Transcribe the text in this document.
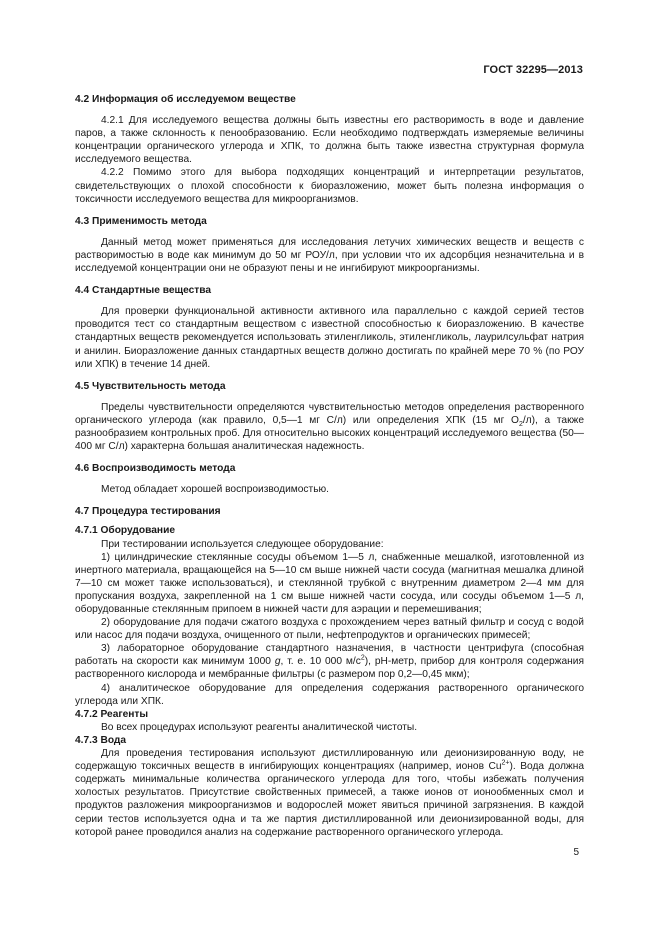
ГОСТ 32295—2013

4.2 Информация об исследуемом веществе

4.2.1 Для исследуемого вещества должны быть известны его растворимость в воде и давление паров, а также склонность к пенообразованию. Если необходимо подтверждать измеряемые величины концентрации органического углерода и ХПК, то должна быть также известна структурная формула исследуемого вещества.

4.2.2 Помимо этого для выбора подходящих концентраций и интерпретации результатов, свидетельствующих о плохой способности к биоразложению, может быть полезна информация о токсичности исследуемого вещества для микроорганизмов.

4.3 Применимость метода

Данный метод может применяться для исследования летучих химических веществ и веществ с растворимостью в воде как минимум до 50 мг РОУ/л, при условии что их адсорбция незначительна и в исследуемой концентрации они не образуют пены и не ингибируют микроорганизмы.

4.4 Стандартные вещества

Для проверки функциональной активности активного ила параллельно с каждой серией тестов проводится тест со стандартным веществом с известной способностью к биоразложению. В качестве стандартных веществ рекомендуется использовать этиленгликоль, этиленгликоль, лаурилсульфат натрия и анилин. Биоразложение данных стандартных веществ должно достигать по крайней мере 70 % (по РОУ или ХПК) в течение 14 дней.

4.5 Чувствительность метода

Пределы чувствительности определяются чувствительностью методов определения растворенного органического углерода (как правило, 0,5—1 мг С/л) или определения ХПК (15 мг $О_2/л$), а также разнообразием контрольных проб. Для относительно высоких концентраций исследуемого вещества (50—400 мг С/л) характерна большая аналитическая надежность.

4.6 Воспроизводимость метода

Метод обладает хорошей воспроизводимостью.

4.7 Процедура тестирования

4.7.1 Оборудование

При тестировании используется следующее оборудование:

1) цилиндрические стеклянные сосуды объемом 1—5 л, снабженные мешалкой, изготовленной из инертного материала, вращающейся на 5—10 см выше нижней части сосуда (магнитная мешалка длиной 7—10 см может также использоваться), и стеклянной трубкой с внутренним диаметром 2—4 мм для пропускания воздуха, закрепленной на 1 см выше нижней части сосуда, или сосуды объемом 1—5 л, оборудованные стеклянным припоем в нижней части для аэрации и перемешивания;

2) оборудование для подачи сжатого воздуха с прохождением через ватный фильтр и сосуд с водой или насос для подачи воздуха, очищенного от пыли, нефтепродуктов и органических примесей;

3) лабораторное оборудование стандартного назначения, в частности центрифуга (способная работать на скорости как минимум 1000 g, т. е. 10 000 $м/с^2$), рН-метр, прибор для контроля содержания растворенного кислорода и мембранные фильтры (с размером пор 0,2—0,45 мкм);

4) аналитическое оборудование для определения содержания растворенного органического углерода или ХПК.

4.7.2 Реагенты

Во всех процедурах используют реагенты аналитической чистоты.

4.7.3 Вода

Для проведения тестирования используют дистиллированную или деионизированную воду, не содержащую токсичных веществ в ингибирующих концентрациях (например, ионов $Cu^{2+}$). Вода должна содержать минимальные количества органического углерода для того, чтобы избежать получения холостых результатов. Присутствие свойственных примесей, а также ионов от ионообменных смол и продуктов разложения микроорганизмов и водорослей может явиться причиной загрязнения. В каждой серии тестов используется одна и та же партия дистиллированной или деионизированной воды, для которой ранее проводился анализ на содержание растворенного органического углерода.

5
